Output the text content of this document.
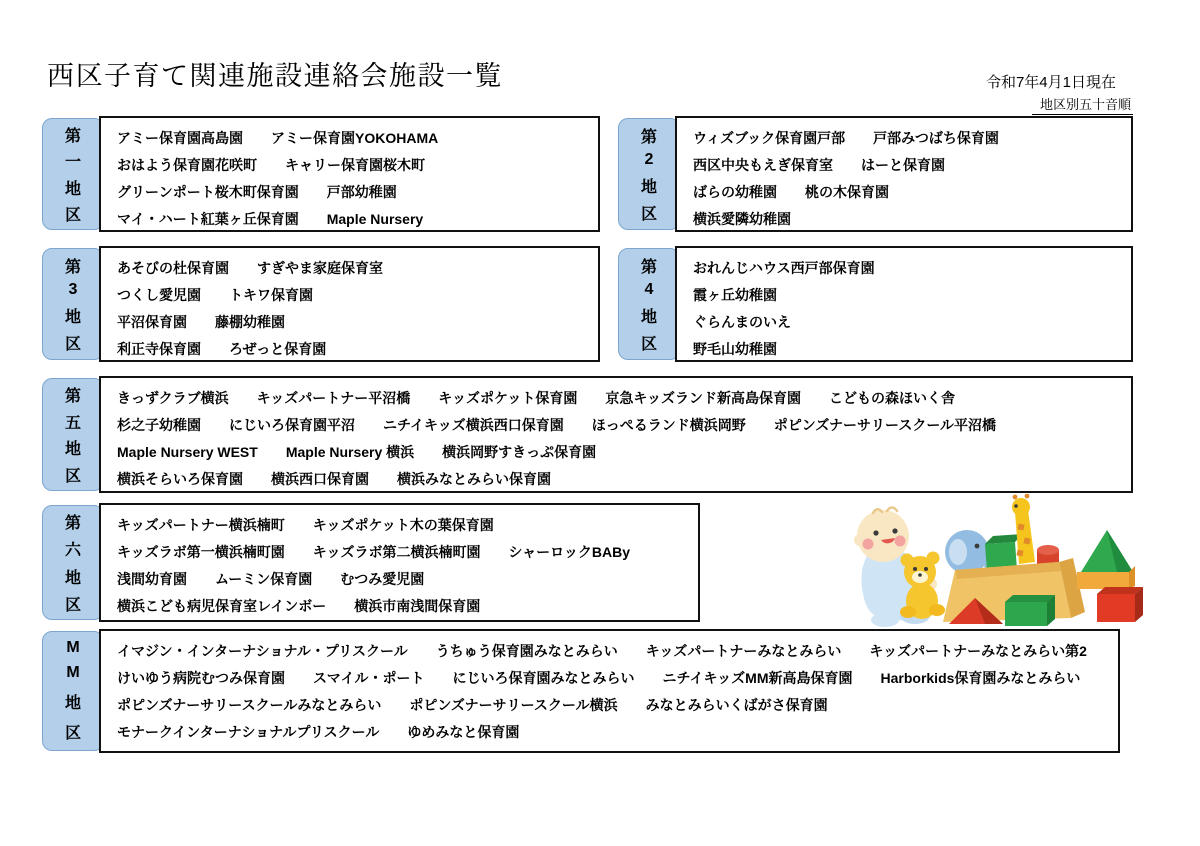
西区子育て関連施設連絡会施設一覧	令和7年4月1日現在
地区別五十音順
第
一
地
区
アミー保育園高島園　　アミー保育園YOKOHAMA
おはよう保育園花咲町　　キャリー保育園桜木町
グリーンポート桜木町保育園　　戸部幼稚園
マイ・ハート紅葉ヶ丘保育園　　Maple Nursery
第
2
地
区
ウィズブック保育園戸部　　戸部みつばち保育園
西区中央もえぎ保育室　　はーと保育園
ばらの幼稚園　　桃の木保育園
横浜愛隣幼稚園
第
3
地
区
あそびの杜保育園　　すぎやま家庭保育室
つくし愛児園　　トキワ保育園
平沼保育園　　藤棚幼稚園
利正寺保育園　　ろぜっと保育園
第
4
地
区
おれんじハウス西戸部保育園
霞ヶ丘幼稚園
ぐらんまのいえ
野毛山幼稚園
第
五
地
区
きっずクラブ横浜　　キッズパートナー平沼橋　　キッズポケット保育園　　京急キッズランド新高島保育園　　こどもの森ほいく舎
杉之子幼稚園　　にじいろ保育園平沼　　ニチイキッズ横浜西口保育園　　ほっぺるランド横浜岡野　　ポピンズナーサリースクール平沼橋
Maple Nursery WEST　　Maple Nursery 横浜　　横浜岡野すきっぷ保育園
横浜そらいろ保育園　　横浜西口保育園　　横浜みなとみらい保育園
第
六
地
区
キッズパートナー横浜楠町　　キッズポケット木の葉保育園
キッズラボ第一横浜楠町園　　キッズラボ第二横浜楠町園　　シャーロックBABy
浅間幼育園　　ムーミン保育園　　むつみ愛児園
横浜こども病児保育室レインボー　　横浜市南浅間保育園
M
M
地
区
イマジン・インターナショナル・プリスクール　　うちゅう保育園みなとみらい　　キッズパートナーみなとみらい　　キッズパートナーみなとみらい第2
けいゆう病院むつみ保育園　　スマイル・ポート　　にじいろ保育園みなとみらい　　ニチイキッズMM新高島保育園　　Harborkids保育園みなとみらい
ポピンズナーサリースクールみなとみらい　　ポピンズナーサリースクール横浜　　みなとみらいくばがさ保育園
モナークインターナショナルプリスクール　　ゆめみなと保育園
